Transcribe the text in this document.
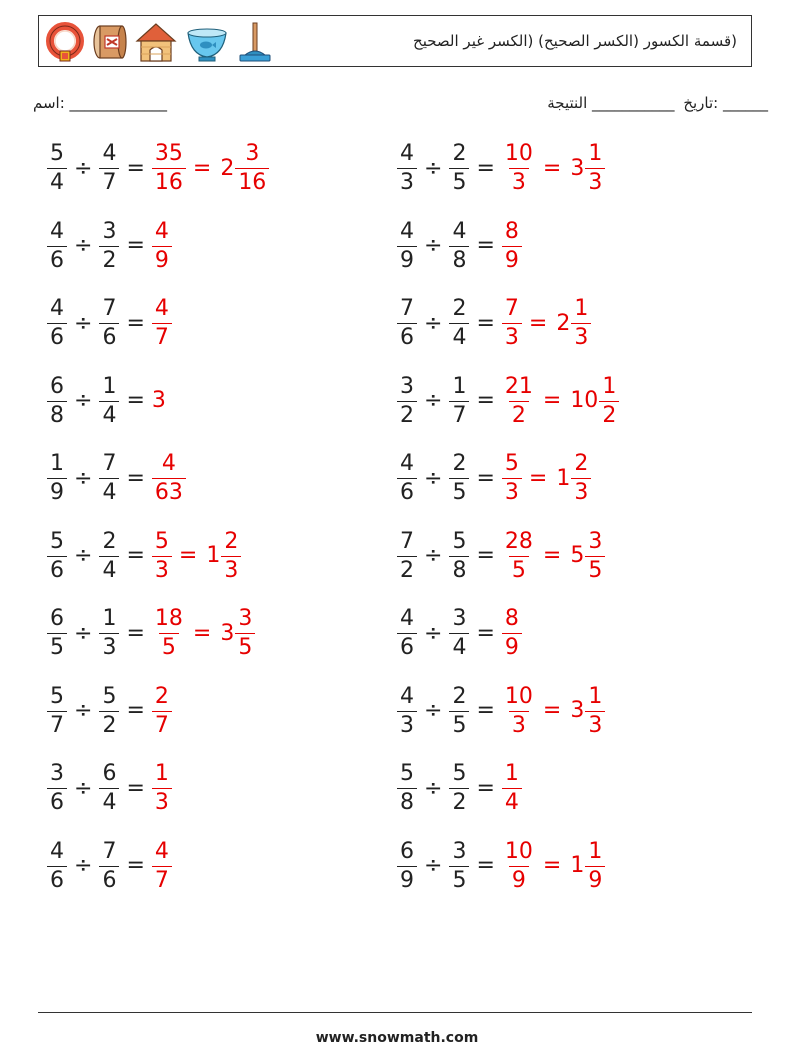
(قسمة الكسور (الكسر الصحيح) (الكسر غير الصحيح
______ :تاريخ ___________ النتيجة
_____________ :اسم
$\frac{5}{4} \div \frac{4}{7} = \frac{35}{16} = 2 \frac{3}{16}$	$\frac{4}{3} \div \frac{2}{5} = \frac{10}{3} = 3 \frac{1}{3}$
$\frac{4}{6} \div \frac{3}{2} = \frac{4}{9}$	$\frac{4}{9} \div \frac{4}{8} = \frac{8}{9}$
$\frac{4}{6} \div \frac{7}{6} = \frac{4}{7}$	$\frac{7}{6} \div \frac{2}{4} = \frac{7}{3} = 2 \frac{1}{3}$
$\frac{6}{8} \div \frac{1}{4} = 3$	$\frac{3}{2} \div \frac{1}{7} = \frac{21}{2} = 10 \frac{1}{2}$
$\frac{1}{9} \div \frac{7}{4} = \frac{4}{63}$	$\frac{4}{6} \div \frac{2}{5} = \frac{5}{3} = 1 \frac{2}{3}$
$\frac{5}{6} \div \frac{2}{4} = \frac{5}{3} = 1 \frac{2}{3}$	$\frac{7}{2} \div \frac{5}{8} = \frac{28}{5} = 5 \frac{3}{5}$
$\frac{6}{5} \div \frac{1}{3} = \frac{18}{5} = 3 \frac{3}{5}$	$\frac{4}{6} \div \frac{3}{4} = \frac{8}{9}$
$\frac{5}{7} \div \frac{5}{2} = \frac{2}{7}$	$\frac{4}{3} \div \frac{2}{5} = \frac{10}{3} = 3 \frac{1}{3}$
$\frac{3}{6} \div \frac{6}{4} = \frac{1}{3}$	$\frac{5}{8} \div \frac{5}{2} = \frac{1}{4}$
$\frac{4}{6} \div \frac{7}{6} = \frac{4}{7}$	$\frac{6}{9} \div \frac{3}{5} = \frac{10}{9} = 1 \frac{1}{9}$
www.snowmath.com
